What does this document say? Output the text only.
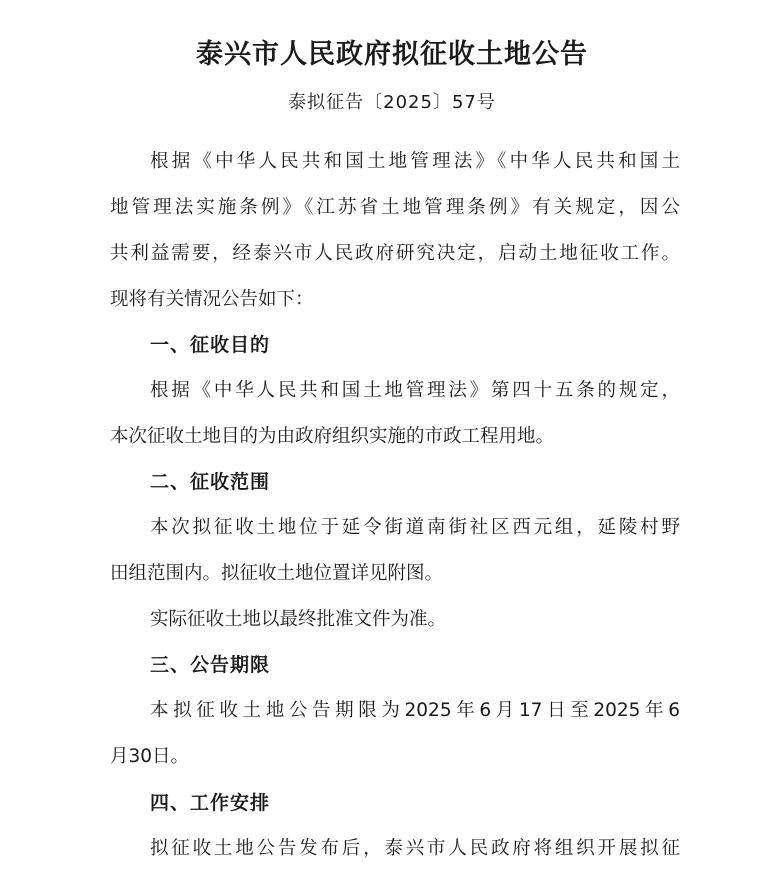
泰兴市人民政府拟征收土地公告
泰拟征告〔2025〕57号
根据《中华人民共和国土地管理法》《中华人民共和国土
地管理法实施条例》《江苏省土地管理条例》有关规定，因公
共利益需要，经泰兴市人民政府研究决定，启动土地征收工作。
现将有关情况公告如下：
一、征收目的
根据《中华人民共和国土地管理法》第四十五条的规定，
本次征收土地目的为由政府组织实施的市政工程用地。
二、征收范围
本次拟征收土地位于延令街道南街社区西元组，延陵村野
田组范围内。拟征收土地位置详见附图。
实际征收土地以最终批准文件为准。
三、公告期限
本拟征收土地公告期限为2025年6月17日至2025年6
月30日。
四、工作安排
拟征收土地公告发布后，泰兴市人民政府将组织开展拟征
